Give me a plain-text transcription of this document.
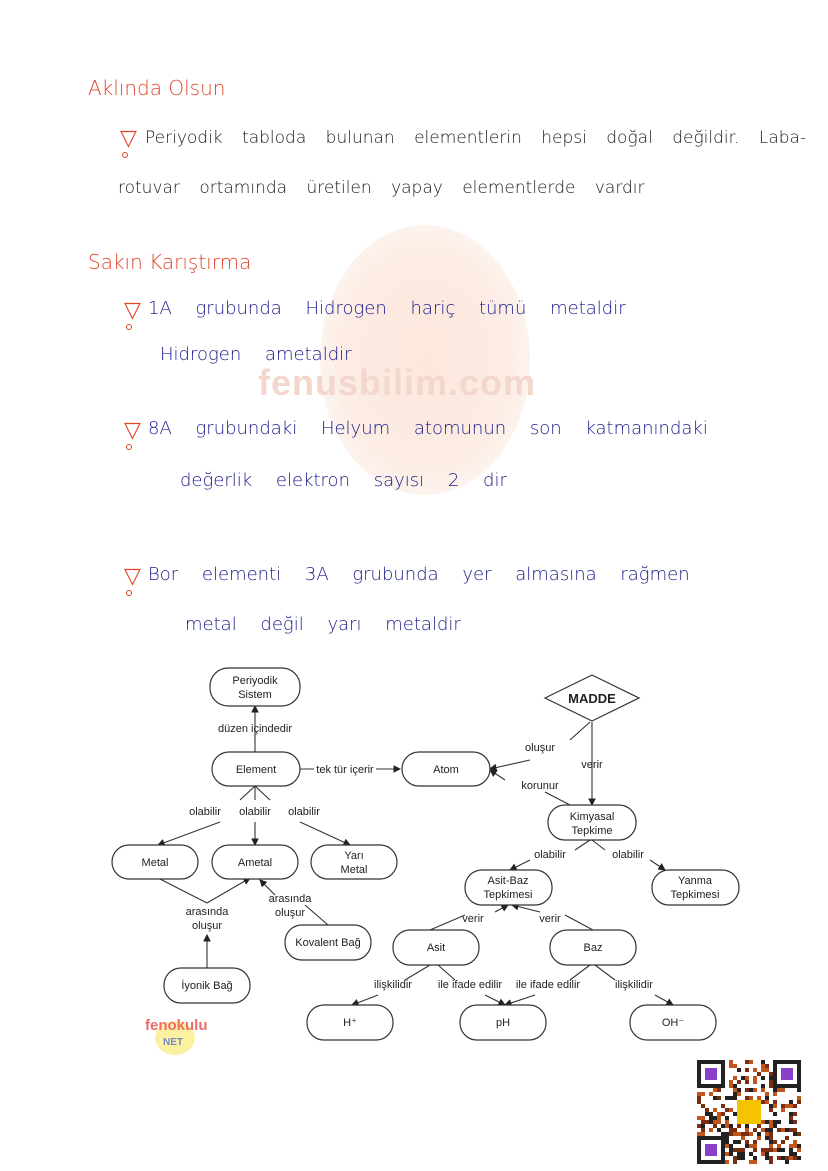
fenusbilim.com
Aklında Olsun
▽ Periyodik tabloda bulunan elementlerin hepsi doğal değildir. Laba-
rotuvar ortamında üretilen yapay elementlerde vardır
Sakın Karıştırma
▽ 1A grubunda Hidrogen hariç tümü metaldir
Hidrogen ametaldir
▽ 8A grubundaki Helyum atomunun son katmanındaki
değerlik elektron sayısı 2 dir
▽ Bor elementi 3A grubunda yer almasına rağmen
metal değil yarı metaldir
düzen içindedir
tek tür içerir
oluşur
korunur
verir
olabilir olabilir olabilir
olabilir	olabilir
arasında
oluşur
arasında
oluşur	verir	verir
ilişkilidir ile ifade edilir ile ifade edilir	ilişkilidir
Periyodik
Sistem
Element	Atom
MADDE
Kimyasal
Tepkime
Metal	Ametal
Yarı
Metal
Asit-Baz
Tepkimesi
Yanma
Tepkimesi
Kovalent Bağ	Asit	Baz
İyonik Bağ
H⁺	pH	OH⁻
fenokulu
NET
